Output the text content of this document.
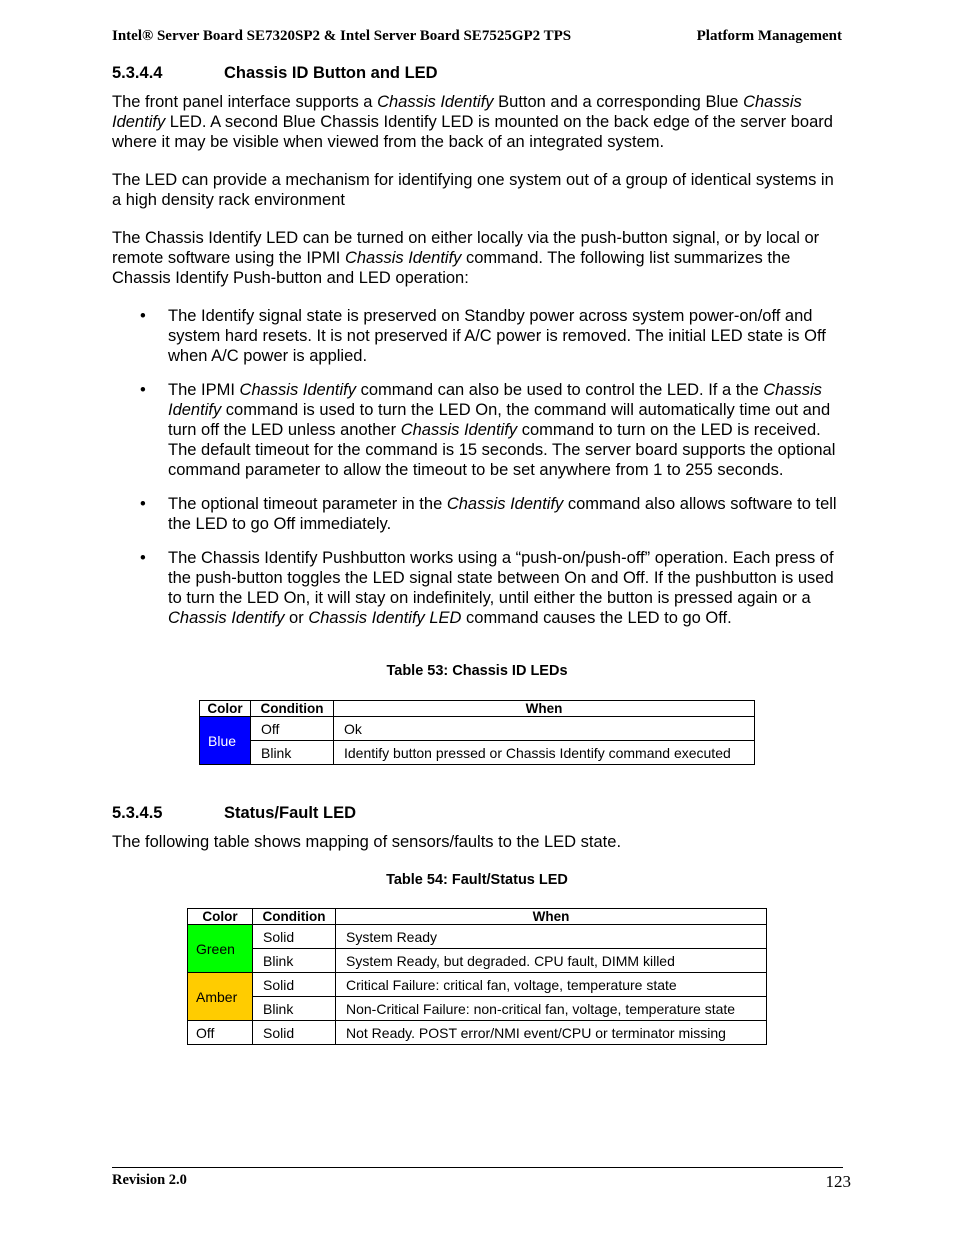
Intel® Server Board SE7320SP2 & Intel Server Board SE7525GP2 TPS	Platform Management
5.3.4.4	Chassis ID Button and LED
The front panel interface supports a Chassis Identify Button and a corresponding Blue Chassis Identify LED. A second Blue Chassis Identify LED is mounted on the back edge of the server board where it may be visible when viewed from the back of an integrated system.
The LED can provide a mechanism for identifying one system out of a group of identical systems in a high density rack environment
The Chassis Identify LED can be turned on either locally via the push-button signal, or by local or remote software using the IPMI Chassis Identify command. The following list summarizes the Chassis Identify Push-button and LED operation:
• The Identify signal state is preserved on Standby power across system power-on/off and system hard resets. It is not preserved if A/C power is removed. The initial LED state is Off when A/C power is applied.
• The IPMI Chassis Identify command can also be used to control the LED. If a the Chassis Identify command is used to turn the LED On, the command will automatically time out and turn off the LED unless another Chassis Identify command to turn on the LED is received. The default timeout for the command is 15 seconds. The server board supports the optional command parameter to allow the timeout to be set anywhere from 1 to 255 seconds.
• The optional timeout parameter in the Chassis Identify command also allows software to tell the LED to go Off immediately.
• The Chassis Identify Pushbutton works using a “push-on/push-off” operation. Each press of the push-button toggles the LED signal state between On and Off. If the pushbutton is used to turn the LED On, it will stay on indefinitely, until either the button is pressed again or a Chassis Identify or Chassis Identify LED command causes the LED to go Off.
Table 53: Chassis ID LEDs
Color	Condition	When
Blue	Off	Ok
	Blink	Identify button pressed or Chassis Identify command executed
5.3.4.5	Status/Fault LED
The following table shows mapping of sensors/faults to the LED state.
Table 54: Fault/Status LED
Color	Condition	When
Green	Solid	System Ready
	Blink	System Ready, but degraded. CPU fault, DIMM killed
Amber	Solid	Critical Failure: critical fan, voltage, temperature state
	Blink	Non-Critical Failure: non-critical fan, voltage, temperature state
Off	Solid	Not Ready. POST error/NMI event/CPU or terminator missing
Revision 2.0	123
